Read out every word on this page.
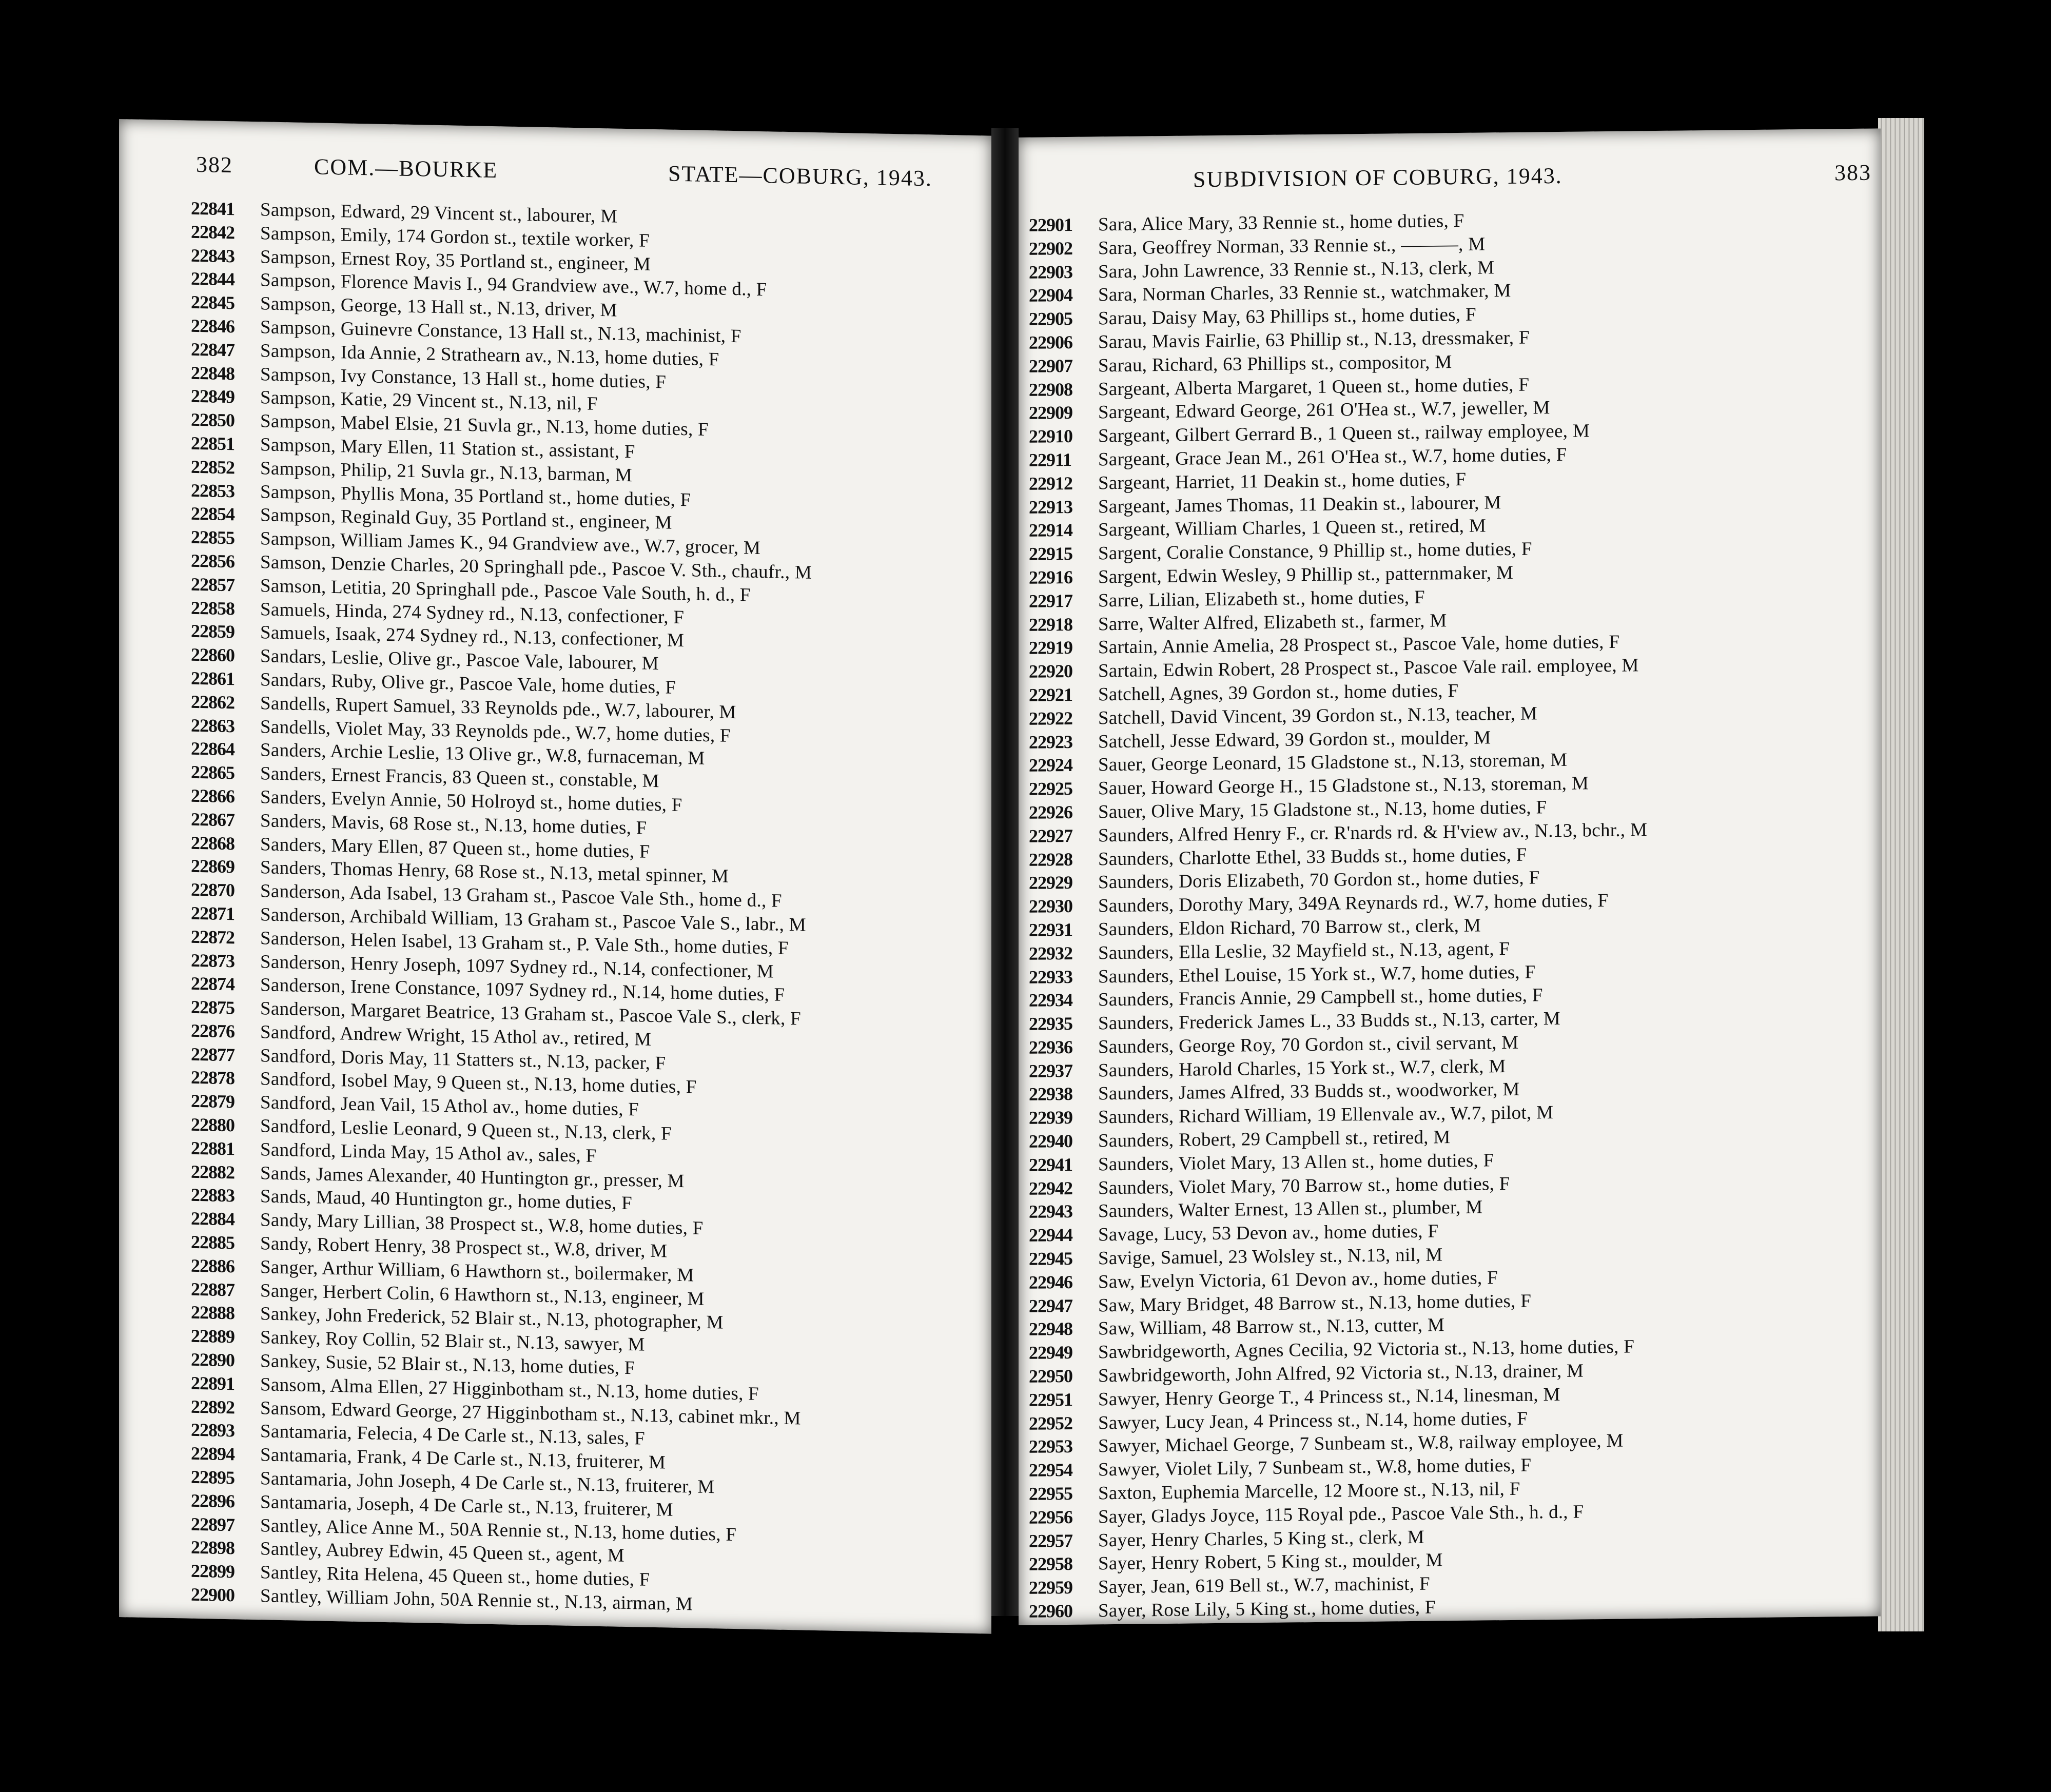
382	COM.—BOURKE	STATE—COBURG, 1943.
22841	Sampson, Edward, 29 Vincent st., labourer, M
22842	Sampson, Emily, 174 Gordon st., textile worker, F
22843	Sampson, Ernest Roy, 35 Portland st., engineer, M
22844	Sampson, Florence Mavis I., 94 Grandview ave., W.7, home d., F
22845	Sampson, George, 13 Hall st., N.13, driver, M
22846	Sampson, Guinevre Constance, 13 Hall st., N.13, machinist, F
22847	Sampson, Ida Annie, 2 Strathearn av., N.13, home duties, F
22848	Sampson, Ivy Constance, 13 Hall st., home duties, F
22849	Sampson, Katie, 29 Vincent st., N.13, nil, F
22850	Sampson, Mabel Elsie, 21 Suvla gr., N.13, home duties, F
22851	Sampson, Mary Ellen, 11 Station st., assistant, F
22852	Sampson, Philip, 21 Suvla gr., N.13, barman, M
22853	Sampson, Phyllis Mona, 35 Portland st., home duties, F
22854	Sampson, Reginald Guy, 35 Portland st., engineer, M
22855	Sampson, William James K., 94 Grandview ave., W.7, grocer, M
22856	Samson, Denzie Charles, 20 Springhall pde., Pascoe V. Sth., chaufr., M
22857	Samson, Letitia, 20 Springhall pde., Pascoe Vale South, h. d., F
22858	Samuels, Hinda, 274 Sydney rd., N.13, confectioner, F
22859	Samuels, Isaak, 274 Sydney rd., N.13, confectioner, M
22860	Sandars, Leslie, Olive gr., Pascoe Vale, labourer, M
22861	Sandars, Ruby, Olive gr., Pascoe Vale, home duties, F
22862	Sandells, Rupert Samuel, 33 Reynolds pde., W.7, labourer, M
22863	Sandells, Violet May, 33 Reynolds pde., W.7, home duties, F
22864	Sanders, Archie Leslie, 13 Olive gr., W.8, furnaceman, M
22865	Sanders, Ernest Francis, 83 Queen st., constable, M
22866	Sanders, Evelyn Annie, 50 Holroyd st., home duties, F
22867	Sanders, Mavis, 68 Rose st., N.13, home duties, F
22868	Sanders, Mary Ellen, 87 Queen st., home duties, F
22869	Sanders, Thomas Henry, 68 Rose st., N.13, metal spinner, M
22870	Sanderson, Ada Isabel, 13 Graham st., Pascoe Vale Sth., home d., F
22871	Sanderson, Archibald William, 13 Graham st., Pascoe Vale S., labr., M
22872	Sanderson, Helen Isabel, 13 Graham st., P. Vale Sth., home duties, F
22873	Sanderson, Henry Joseph, 1097 Sydney rd., N.14, confectioner, M
22874	Sanderson, Irene Constance, 1097 Sydney rd., N.14, home duties, F
22875	Sanderson, Margaret Beatrice, 13 Graham st., Pascoe Vale S., clerk, F
22876	Sandford, Andrew Wright, 15 Athol av., retired, M
22877	Sandford, Doris May, 11 Statters st., N.13, packer, F
22878	Sandford, Isobel May, 9 Queen st., N.13, home duties, F
22879	Sandford, Jean Vail, 15 Athol av., home duties, F
22880	Sandford, Leslie Leonard, 9 Queen st., N.13, clerk, F
22881	Sandford, Linda May, 15 Athol av., sales, F
22882	Sands, James Alexander, 40 Huntington gr., presser, M
22883	Sands, Maud, 40 Huntington gr., home duties, F
22884	Sandy, Mary Lillian, 38 Prospect st., W.8, home duties, F
22885	Sandy, Robert Henry, 38 Prospect st., W.8, driver, M
22886	Sanger, Arthur William, 6 Hawthorn st., boilermaker, M
22887	Sanger, Herbert Colin, 6 Hawthorn st., N.13, engineer, M
22888	Sankey, John Frederick, 52 Blair st., N.13, photographer, M
22889	Sankey, Roy Collin, 52 Blair st., N.13, sawyer, M
22890	Sankey, Susie, 52 Blair st., N.13, home duties, F
22891	Sansom, Alma Ellen, 27 Higginbotham st., N.13, home duties, F
22892	Sansom, Edward George, 27 Higginbotham st., N.13, cabinet mkr., M
22893	Santamaria, Felecia, 4 De Carle st., N.13, sales, F
22894	Santamaria, Frank, 4 De Carle st., N.13, fruiterer, M
22895	Santamaria, John Joseph, 4 De Carle st., N.13, fruiterer, M
22896	Santamaria, Joseph, 4 De Carle st., N.13, fruiterer, M
22897	Santley, Alice Anne M., 50A Rennie st., N.13, home duties, F
22898	Santley, Aubrey Edwin, 45 Queen st., agent, M
22899	Santley, Rita Helena, 45 Queen st., home duties, F
22900	Santley, William John, 50A Rennie st., N.13, airman, M
SUBDIVISION OF COBURG, 1943.	383
22901	Sara, Alice Mary, 33 Rennie st., home duties, F
22902	Sara, Geoffrey Norman, 33 Rennie st., ———, M
22903	Sara, John Lawrence, 33 Rennie st., N.13, clerk, M
22904	Sara, Norman Charles, 33 Rennie st., watchmaker, M
22905	Sarau, Daisy May, 63 Phillips st., home duties, F
22906	Sarau, Mavis Fairlie, 63 Phillip st., N.13, dressmaker, F
22907	Sarau, Richard, 63 Phillips st., compositor, M
22908	Sargeant, Alberta Margaret, 1 Queen st., home duties, F
22909	Sargeant, Edward George, 261 O'Hea st., W.7, jeweller, M
22910	Sargeant, Gilbert Gerrard B., 1 Queen st., railway employee, M
22911	Sargeant, Grace Jean M., 261 O'Hea st., W.7, home duties, F
22912	Sargeant, Harriet, 11 Deakin st., home duties, F
22913	Sargeant, James Thomas, 11 Deakin st., labourer, M
22914	Sargeant, William Charles, 1 Queen st., retired, M
22915	Sargent, Coralie Constance, 9 Phillip st., home duties, F
22916	Sargent, Edwin Wesley, 9 Phillip st., patternmaker, M
22917	Sarre, Lilian, Elizabeth st., home duties, F
22918	Sarre, Walter Alfred, Elizabeth st., farmer, M
22919	Sartain, Annie Amelia, 28 Prospect st., Pascoe Vale, home duties, F
22920	Sartain, Edwin Robert, 28 Prospect st., Pascoe Vale rail. employee, M
22921	Satchell, Agnes, 39 Gordon st., home duties, F
22922	Satchell, David Vincent, 39 Gordon st., N.13, teacher, M
22923	Satchell, Jesse Edward, 39 Gordon st., moulder, M
22924	Sauer, George Leonard, 15 Gladstone st., N.13, storeman, M
22925	Sauer, Howard George H., 15 Gladstone st., N.13, storeman, M
22926	Sauer, Olive Mary, 15 Gladstone st., N.13, home duties, F
22927	Saunders, Alfred Henry F., cr. R'nards rd. & H'view av., N.13, bchr., M
22928	Saunders, Charlotte Ethel, 33 Budds st., home duties, F
22929	Saunders, Doris Elizabeth, 70 Gordon st., home duties, F
22930	Saunders, Dorothy Mary, 349A Reynards rd., W.7, home duties, F
22931	Saunders, Eldon Richard, 70 Barrow st., clerk, M
22932	Saunders, Ella Leslie, 32 Mayfield st., N.13, agent, F
22933	Saunders, Ethel Louise, 15 York st., W.7, home duties, F
22934	Saunders, Francis Annie, 29 Campbell st., home duties, F
22935	Saunders, Frederick James L., 33 Budds st., N.13, carter, M
22936	Saunders, George Roy, 70 Gordon st., civil servant, M
22937	Saunders, Harold Charles, 15 York st., W.7, clerk, M
22938	Saunders, James Alfred, 33 Budds st., woodworker, M
22939	Saunders, Richard William, 19 Ellenvale av., W.7, pilot, M
22940	Saunders, Robert, 29 Campbell st., retired, M
22941	Saunders, Violet Mary, 13 Allen st., home duties, F
22942	Saunders, Violet Mary, 70 Barrow st., home duties, F
22943	Saunders, Walter Ernest, 13 Allen st., plumber, M
22944	Savage, Lucy, 53 Devon av., home duties, F
22945	Savige, Samuel, 23 Wolsley st., N.13, nil, M
22946	Saw, Evelyn Victoria, 61 Devon av., home duties, F
22947	Saw, Mary Bridget, 48 Barrow st., N.13, home duties, F
22948	Saw, William, 48 Barrow st., N.13, cutter, M
22949	Sawbridgeworth, Agnes Cecilia, 92 Victoria st., N.13, home duties, F
22950	Sawbridgeworth, John Alfred, 92 Victoria st., N.13, drainer, M
22951	Sawyer, Henry George T., 4 Princess st., N.14, linesman, M
22952	Sawyer, Lucy Jean, 4 Princess st., N.14, home duties, F
22953	Sawyer, Michael George, 7 Sunbeam st., W.8, railway employee, M
22954	Sawyer, Violet Lily, 7 Sunbeam st., W.8, home duties, F
22955	Saxton, Euphemia Marcelle, 12 Moore st., N.13, nil, F
22956	Sayer, Gladys Joyce, 115 Royal pde., Pascoe Vale Sth., h. d., F
22957	Sayer, Henry Charles, 5 King st., clerk, M
22958	Sayer, Henry Robert, 5 King st., moulder, M
22959	Sayer, Jean, 619 Bell st., W.7, machinist, F
22960	Sayer, Rose Lily, 5 King st., home duties, F
